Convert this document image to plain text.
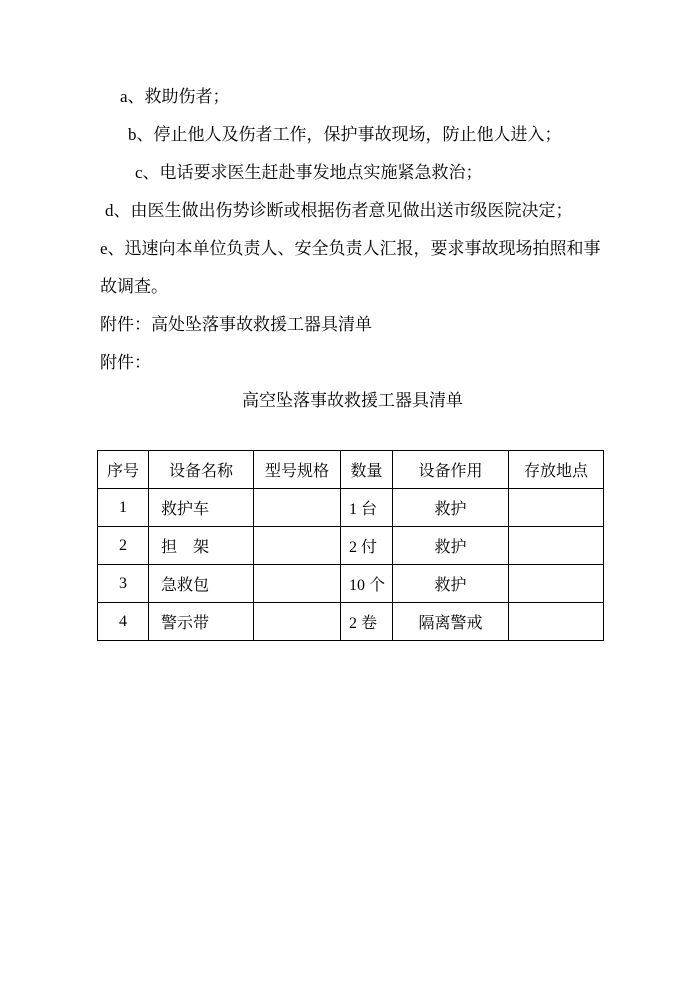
a、救助伤者；

b、停止他人及伤者工作，保护事故现场，防止他人进入；

c、电话要求医生赶赴事发地点实施紧急救治；

d、由医生做出伤势诊断或根据伤者意见做出送市级医院决定；

e、迅速向本单位负责人、安全负责人汇报，要求事故现场拍照和事故调查。

附件：高处坠落事故救援工器具清单

附件：

高空坠落事故救援工器具清单

序号	设备名称	型号规格	数量	设备作用	存放地点
1	救护车		1 台	救护	
2	担　架		2 付	救护	
3	急救包		10 个	救护	
4	警示带		2 卷	隔离警戒	
